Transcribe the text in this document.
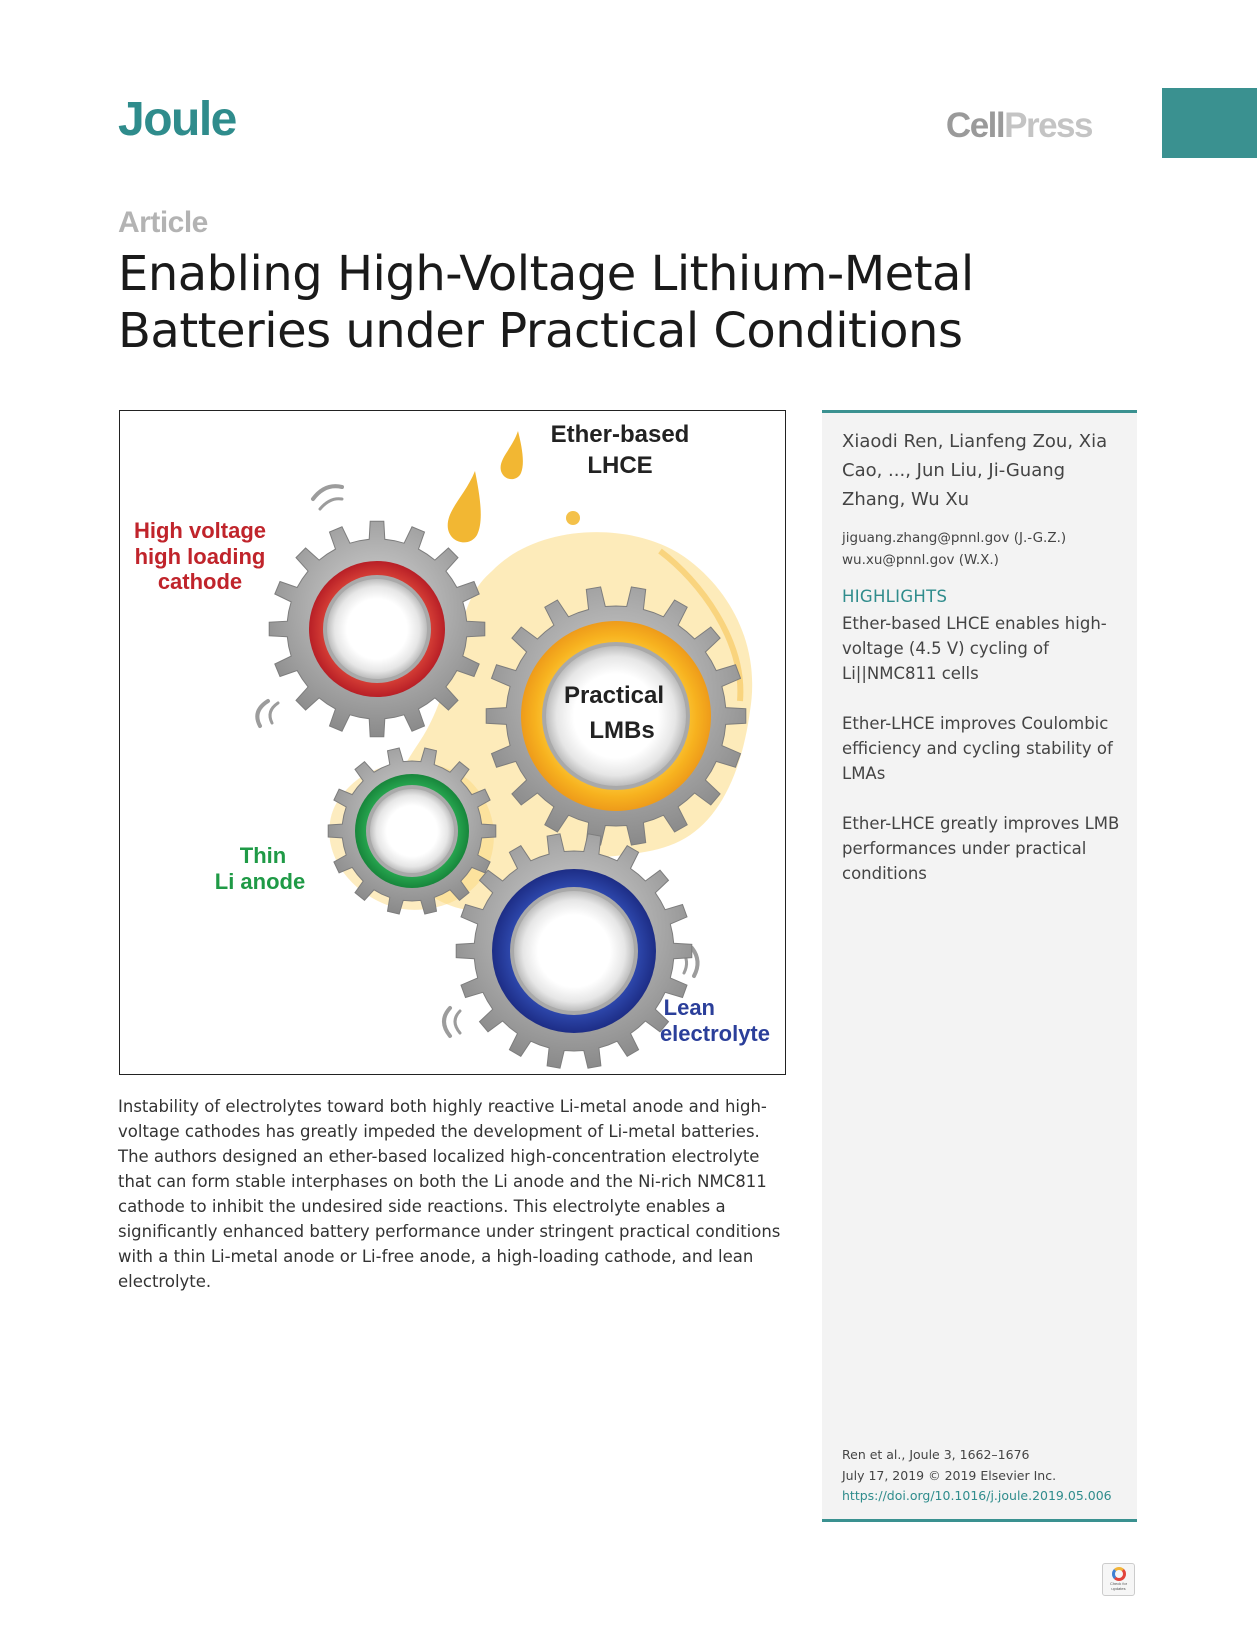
Joule	CellPress
Article
Enabling High-Voltage Lithium-Metal
Batteries under Practical Conditions
Ether-based
LHCE
High voltage
high loading
cathode
Practical
LMBs
Thin
Li anode
Lean
electrolyte

Instability of electrolytes toward both highly reactive Li-metal anode and high-voltage cathodes has greatly impeded the development of Li-metal batteries. The authors designed an ether-based localized high-concentration electrolyte that can form stable interphases on both the Li anode and the Ni-rich NMC811 cathode to inhibit the undesired side reactions. This electrolyte enables a significantly enhanced battery performance under stringent practical conditions with a thin Li-metal anode or Li-free anode, a high-loading cathode, and lean electrolyte.

Xiaodi Ren, Lianfeng Zou, Xia Cao, ..., Jun Liu, Ji-Guang Zhang, Wu Xu

jiguang.zhang@pnnl.gov (J.-G.Z.)
wu.xu@pnnl.gov (W.X.)
HIGHLIGHTS

Ether-based LHCE enables high-voltage (4.5 V) cycling of Li||NMC811 cells

Ether-LHCE improves Coulombic efficiency and cycling stability of LMAs

Ether-LHCE greatly improves LMB performances under practical conditions

Ren et al., Joule 3, 1662–1676
July 17, 2019 © 2019 Elsevier Inc.
https://doi.org/10.1016/j.joule.2019.05.006
Check for
updates
